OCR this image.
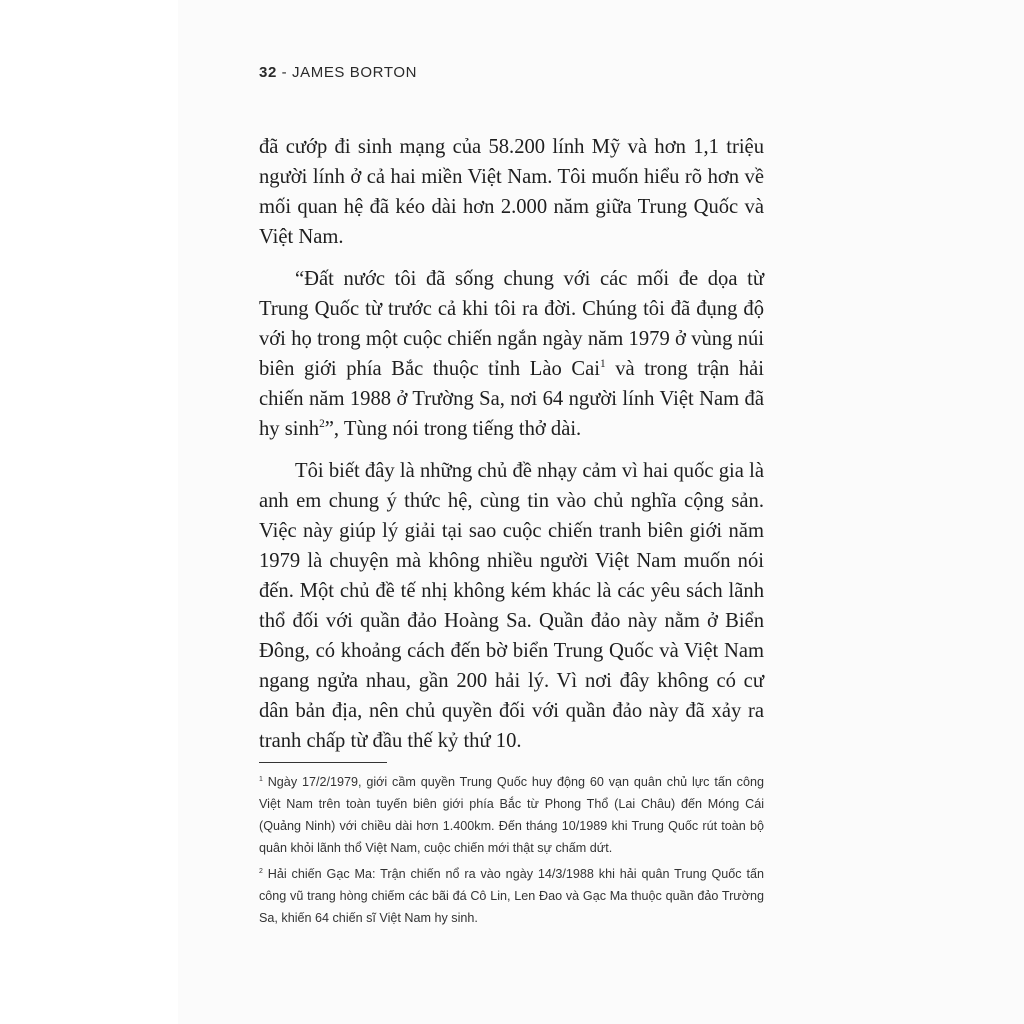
32 - JAMES BORTON

đã cướp đi sinh mạng của 58.200 lính Mỹ và hơn 1,1 triệu người lính ở cả hai miền Việt Nam. Tôi muốn hiểu rõ hơn về mối quan hệ đã kéo dài hơn 2.000 năm giữa Trung Quốc và Việt Nam.

“Đất nước tôi đã sống chung với các mối đe dọa từ Trung Quốc từ trước cả khi tôi ra đời. Chúng tôi đã đụng độ với họ trong một cuộc chiến ngắn ngày năm 1979 ở vùng núi biên giới phía Bắc thuộc tỉnh Lào Cai$^1$ và trong trận hải chiến năm 1988 ở Trường Sa, nơi 64 người lính Việt Nam đã hy $\sinh^2$”, Tùng nói trong tiếng thở dài.

Tôi biết đây là những chủ đề nhạy cảm vì hai quốc gia là anh em chung ý thức hệ, cùng tin vào chủ nghĩa cộng sản. Việc này giúp lý giải tại sao cuộc chiến tranh biên giới năm 1979 là chuyện mà không nhiều người Việt Nam muốn nói đến. Một chủ đề tế nhị không kém khác là các yêu sách lãnh thổ đối với quần đảo Hoàng Sa. Quần đảo này nằm ở Biển Đông, có khoảng cách đến bờ biển Trung Quốc và Việt Nam ngang ngửa nhau, gần 200 hải lý. Vì nơi đây không có cư dân bản địa, nên chủ quyền đối với quần đảo này đã xảy ra tranh chấp từ đầu thế kỷ thứ 10.

$^1$ Ngày 17/2/1979, giới cầm quyền Trung Quốc huy động 60 vạn quân chủ lực tấn công Việt Nam trên toàn tuyến biên giới phía Bắc từ Phong Thổ (Lai Châu) đến Móng Cái (Quảng Ninh) với chiều dài hơn 1.400km. Đến tháng 10/1989 khi Trung Quốc rút toàn bộ quân khỏi lãnh thổ Việt Nam, cuộc chiến mới thật sự chấm dứt.

$^2$ Hải chiến Gạc Ma: Trận chiến nổ ra vào ngày 14/3/1988 khi hải quân Trung Quốc tấn công vũ trang hòng chiếm các bãi đá Cô Lin, Len Đao và Gạc Ma thuộc quần đảo Trường Sa, khiến 64 chiến sĩ Việt Nam hy sinh.
